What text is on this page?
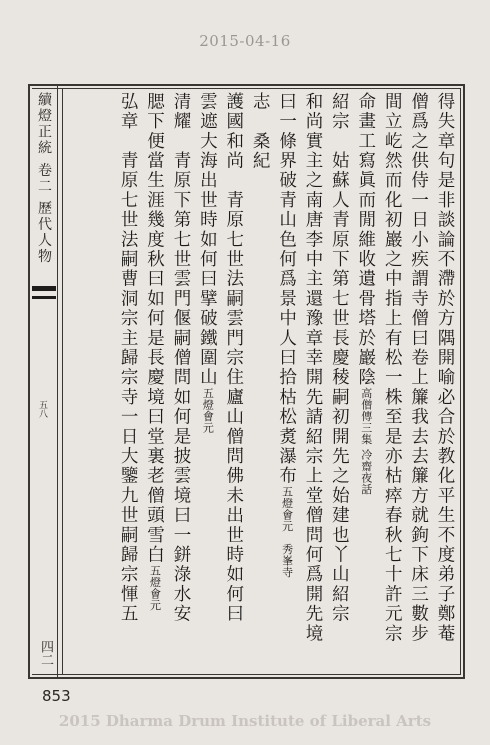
2015-04-16
續燈正統 卷二 歷代人物
五八
四二
得失章句是非談論不滯於方隅開喻必合於教化平生不度弟子鄭菴
僧爲之供侍一日小疾謂寺僧曰卷上簾我去去簾方就鉤下床三數步
間立屹然而化初巖之中指上有松一株至是亦枯瘁春秋七十許元宗
命畫工寫眞而閒維收遺骨塔於巖陰高僧傳三集 冷齋夜話
紹宗　姑蘇人青原下第七世長慶稜嗣初開先之始建也丫山紹宗
和尚實主之南唐李中主還豫章幸開先請紹宗上堂僧問何爲開先境
曰一條界破青山色何爲景中人曰拾枯松煑瀑布五燈會元　秀峯寺
志　桑紀
護國和尚　青原七世法嗣雲門宗住廬山僧問佛未出世時如何曰
雲遮大海出世時如何曰擘破鐵圍山五燈會元
清耀　青原下第七世雲門偃嗣僧問如何是披雲境曰一鉼淥水安
腮下便當生涯幾度秋曰如何是長慶境曰堂裏老僧頭雪白五燈會元
弘章　青原七世法嗣曹洞宗主歸宗寺一日大鑒九世嗣歸宗惲五
853
2015 Dharma Drum Institute of Liberal Arts
